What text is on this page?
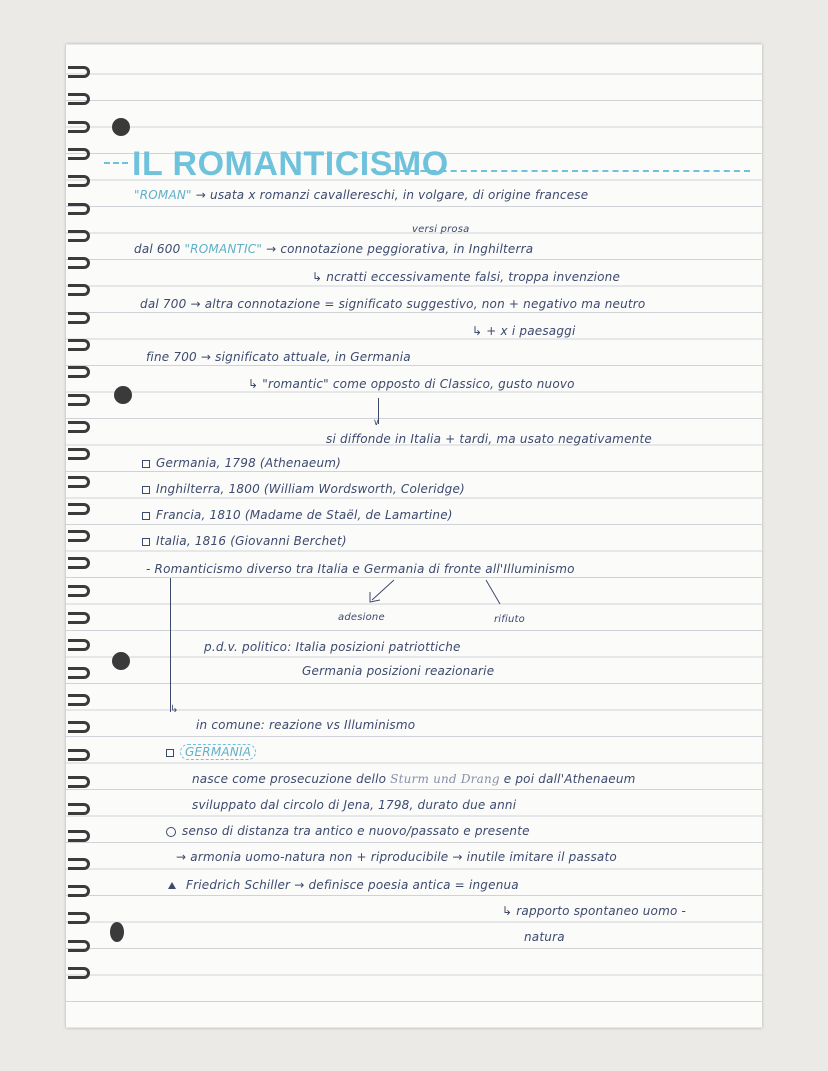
IL ROMANTICISMO
"ROMAN" → usata x romanzi cavallereschi, in volgare, di origine francese
versi prosa
dal 600 "ROMANTIC" → connotazione peggiorativa, in Inghilterra
↳ ncratti eccessivamente falsi, troppa invenzione
dal 700 → altra connotazione = significato suggestivo, non + negativo ma neutro
↳ + x i paesaggi
fine 700 → significato attuale, in Germania
↳ "romantic" come opposto di Classico, gusto nuovo
∨
si diffonde in Italia + tardi, ma usato negativamente
Germania, 1798 (Athenaeum)
Inghilterra, 1800 (William Wordsworth, Coleridge)
Francia, 1810 (Madame de Staël, de Lamartine)
Italia, 1816 (Giovanni Berchet)
- Romanticismo diverso tra Italia e Germania di fronte all'Illuminismo
adesione	rifiuto
↳
p.d.v. politico: Italia posizioni patriottiche
Germania posizioni reazionarie
in comune: reazione vs Illuminismo
GERMANIA
nasce come prosecuzione dello Sturm und Drang e poi dall'Athenaeum
sviluppato dal circolo di Jena, 1798, durato due anni
senso di distanza tra antico e nuovo/passato e presente
→ armonia uomo-natura non + riproducibile → inutile imitare il passato
Friedrich Schiller → definisce poesia antica = ingenua
↳ rapporto spontaneo uomo -
natura
